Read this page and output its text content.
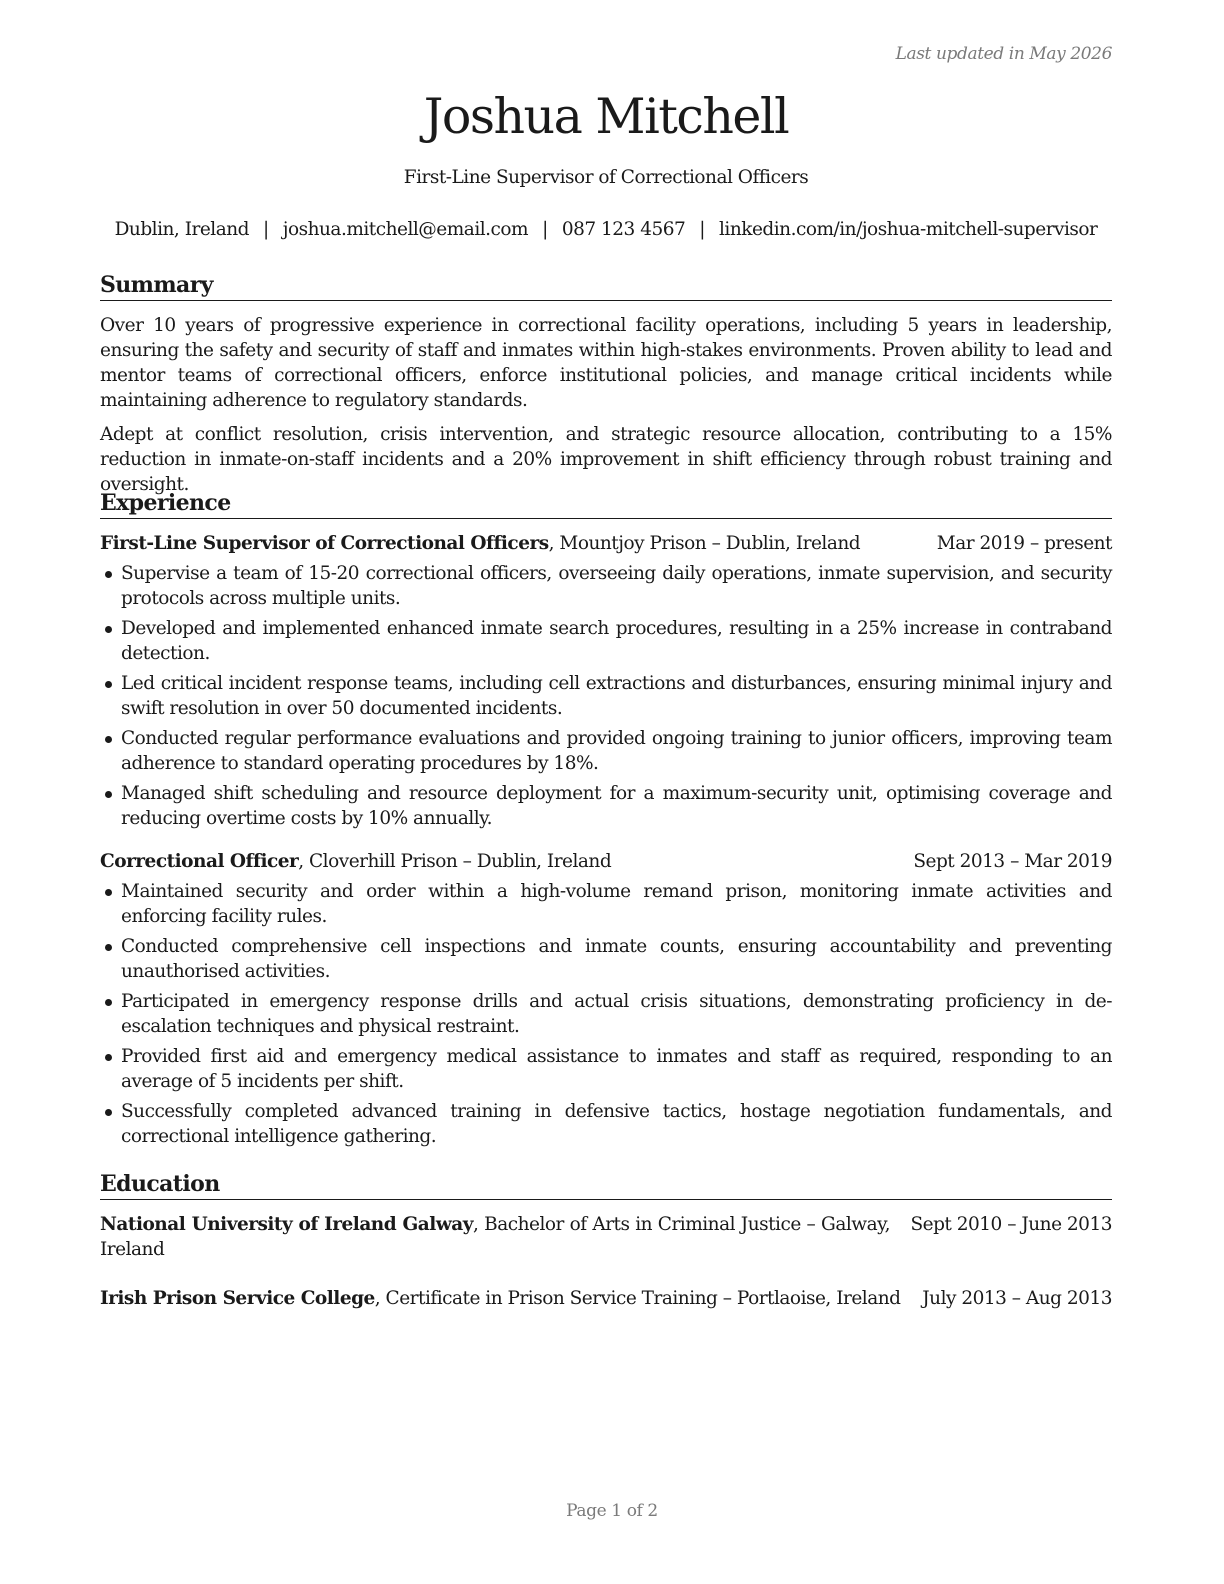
Last updated in May 2026
Joshua Mitchell
First-Line Supervisor of Correctional Officers
Dublin, Ireland | joshua.mitchell@email.com | 087 123 4567 | linkedin.com/in/joshua-mitchell-supervisor
Summary

Over 10 years of progressive experience in correctional facility operations, including 5 years in leadership, ensuring the safety and security of staff and inmates within high-stakes environments. Proven ability to lead and mentor teams of correctional officers, enforce institutional policies, and manage critical incidents while maintaining adherence to regulatory standards.

Adept at conflict resolution, crisis intervention, and strategic resource allocation, contributing to a 15% reduction in inmate-on-staff incidents and a 20% improvement in shift efficiency through robust training and oversight.

Experience
First-Line Supervisor of Correctional Officers, Mountjoy Prison – Dublin, Ireland	Mar 2019 – present
Supervise a team of 15-20 correctional officers, overseeing daily operations, inmate supervision, and security protocols across multiple units.
Developed and implemented enhanced inmate search procedures, resulting in a 25% increase in contraband detection.
Led critical incident response teams, including cell extractions and disturbances, ensuring minimal injury and swift resolution in over 50 documented incidents.
Conducted regular performance evaluations and provided ongoing training to junior officers, improving team adherence to standard operating procedures by 18%.
Managed shift scheduling and resource deployment for a maximum-security unit, optimising coverage and reducing overtime costs by 10% annually.
Correctional Officer, Cloverhill Prison – Dublin, Ireland	Sept 2013 – Mar 2019
Maintained security and order within a high-volume remand prison, monitoring inmate activities and enforcing facility rules.
Conducted comprehensive cell inspections and inmate counts, ensuring accountability and preventing unauthorised activities.
Participated in emergency response drills and actual crisis situations, demonstrating proficiency in de-escalation techniques and physical restraint.
Provided first aid and emergency medical assistance to inmates and staff as required, responding to an average of 5 incidents per shift.
Successfully completed advanced training in defensive tactics, hostage negotiation fundamentals, and correctional intelligence gathering.
Education
National University of Ireland Galway, Bachelor of Arts in Criminal Justice – Galway, Ireland
Sept 2010 – June 2013
Irish Prison Service College, Certificate in Prison Service Training – Portlaoise, Ireland July 2013 – Aug 2013
Page 1 of 2
